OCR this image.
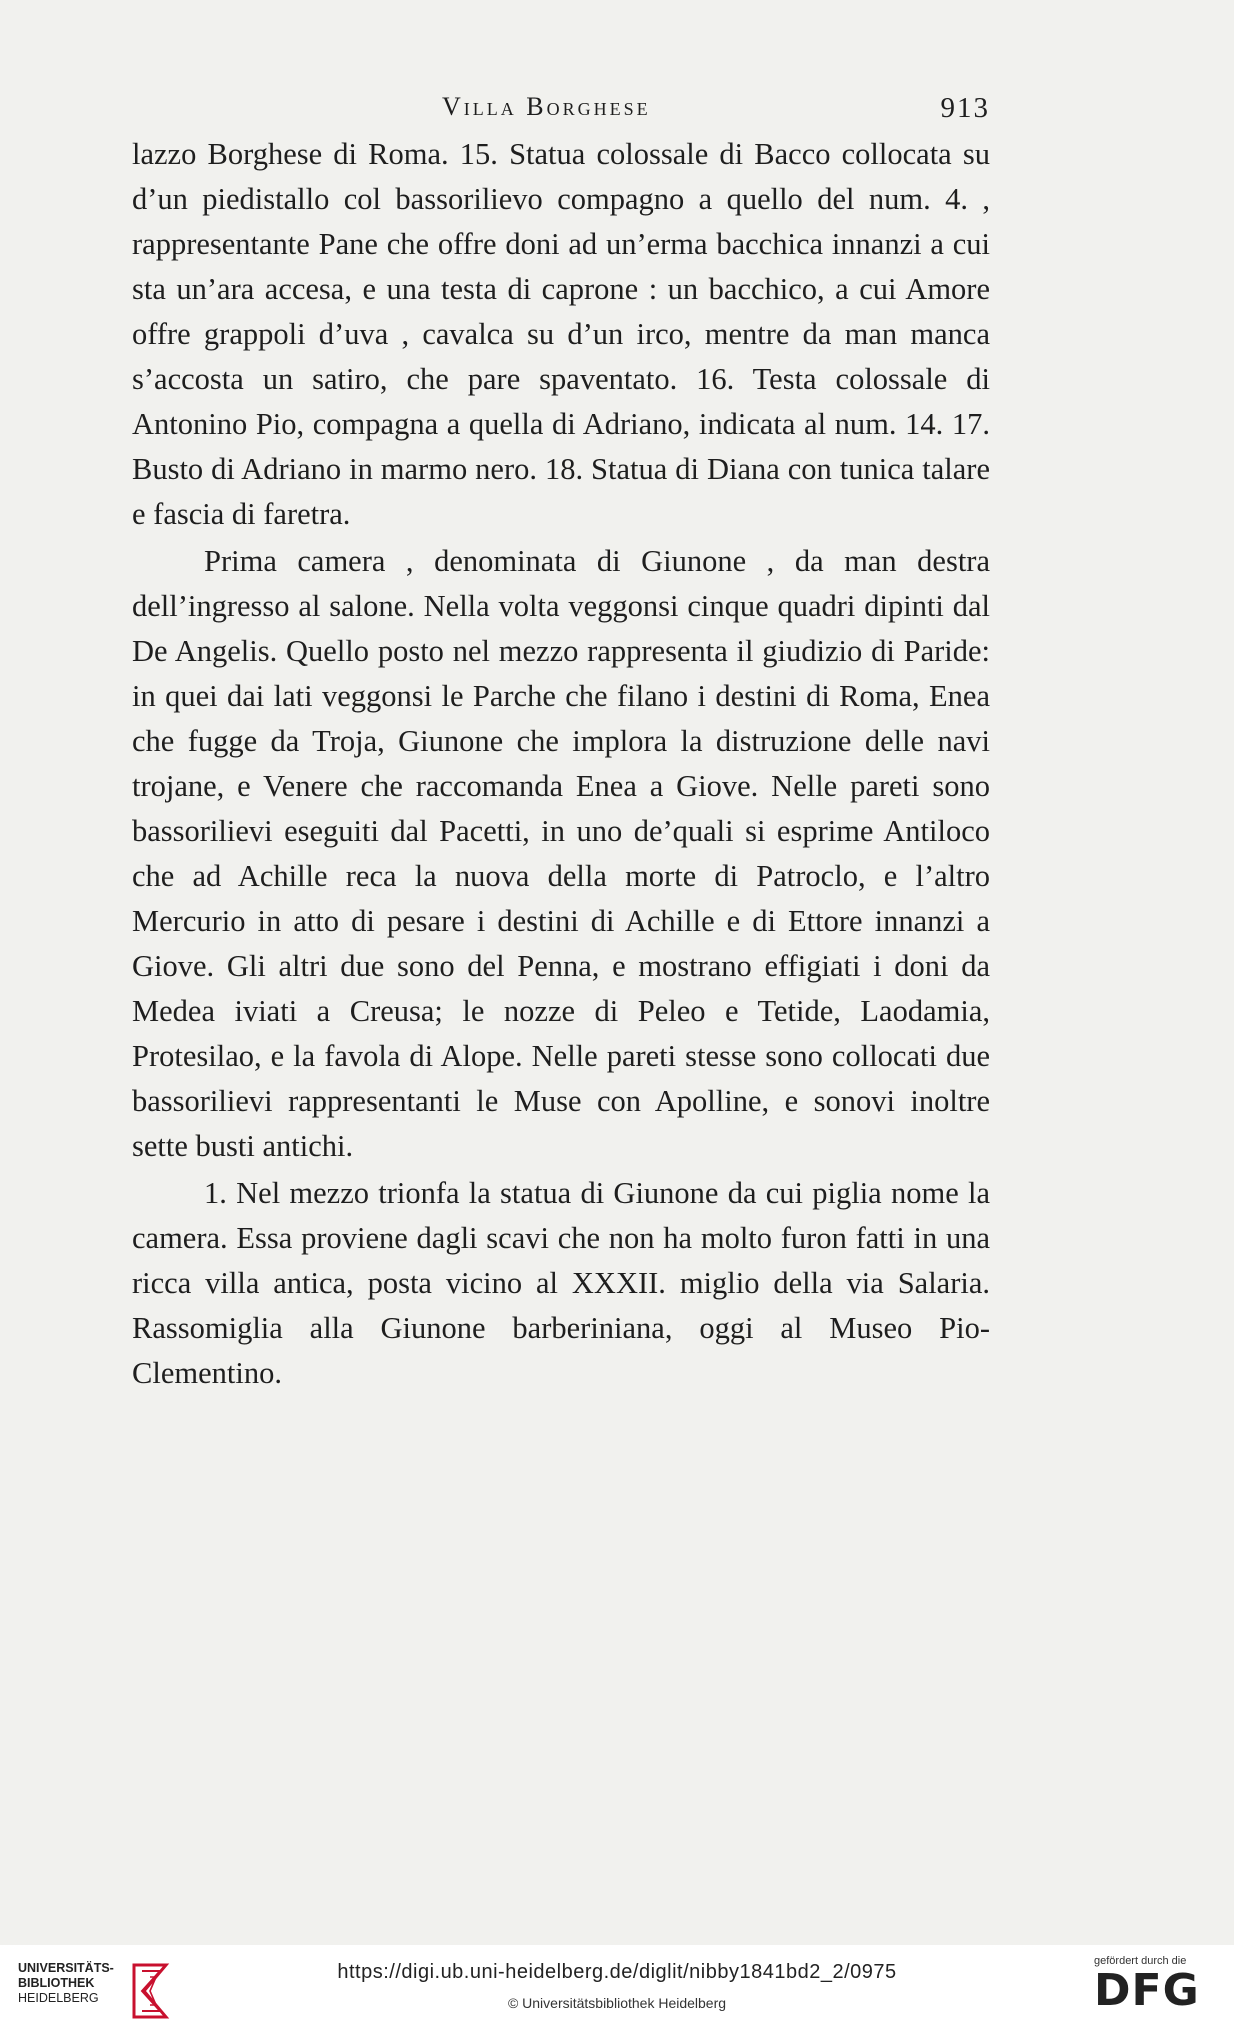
Villa Borghese	913

lazzo Borghese di Roma. 15. Statua colossale di Bacco collocata su d’un piedistallo col bassorilievo compagno a quello del num. 4. , rappresentante Pane che offre doni ad un’erma bacchica innanzi a cui sta un’ara accesa, e una testa di caprone : un bacchico, a cui Amore offre grappoli d’uva , cavalca su d’un irco, mentre da man manca s’accosta un satiro, che pare spaventato. 16. Testa colossale di Antonino Pio, compagna a quella di Adriano, indicata al num. 14. 17. Busto di Adriano in marmo nero. 18. Statua di Diana con tunica talare e fascia di faretra.

Prima camera , denominata di Giunone , da man destra dell’ingresso al salone. Nella volta veggonsi cinque quadri dipinti dal De Angelis. Quello posto nel mezzo rappresenta il giudizio di Paride: in quei dai lati veggonsi le Parche che filano i destini di Roma, Enea che fugge da Troja, Giunone che implora la distruzione delle navi trojane, e Venere che raccomanda Enea a Giove. Nelle pareti sono bassorilievi eseguiti dal Pacetti, in uno de’quali si esprime Antiloco che ad Achille reca la nuova della morte di Patroclo, e l’altro Mercurio in atto di pesare i destini di Achille e di Ettore innanzi a Giove. Gli altri due sono del Penna, e mostrano effigiati i doni da Medea iviati a Creusa; le nozze di Peleo e Tetide, Laodamia, Protesilao, e la favola di Alope. Nelle pareti stesse sono collocati due bassorilievi rappresentanti le Muse con Apolline, e sonovi inoltre sette busti antichi.

1. Nel mezzo trionfa la statua di Giunone da cui piglia nome la camera. Essa proviene dagli scavi che non ha molto furon fatti in una ricca villa antica, posta vicino al XXXII. miglio della via Salaria. Rassomiglia alla Giunone barberiniana, oggi al Museo Pio-Clementino.

UNIVERSITÄTS-
BIBLIOTHEK
HEIDELBERG
https://digi.ub.uni-heidelberg.de/diglit/nibby1841bd2_2/0975
© Universitätsbibliothek Heidelberg
gefördert durch die
DFG
